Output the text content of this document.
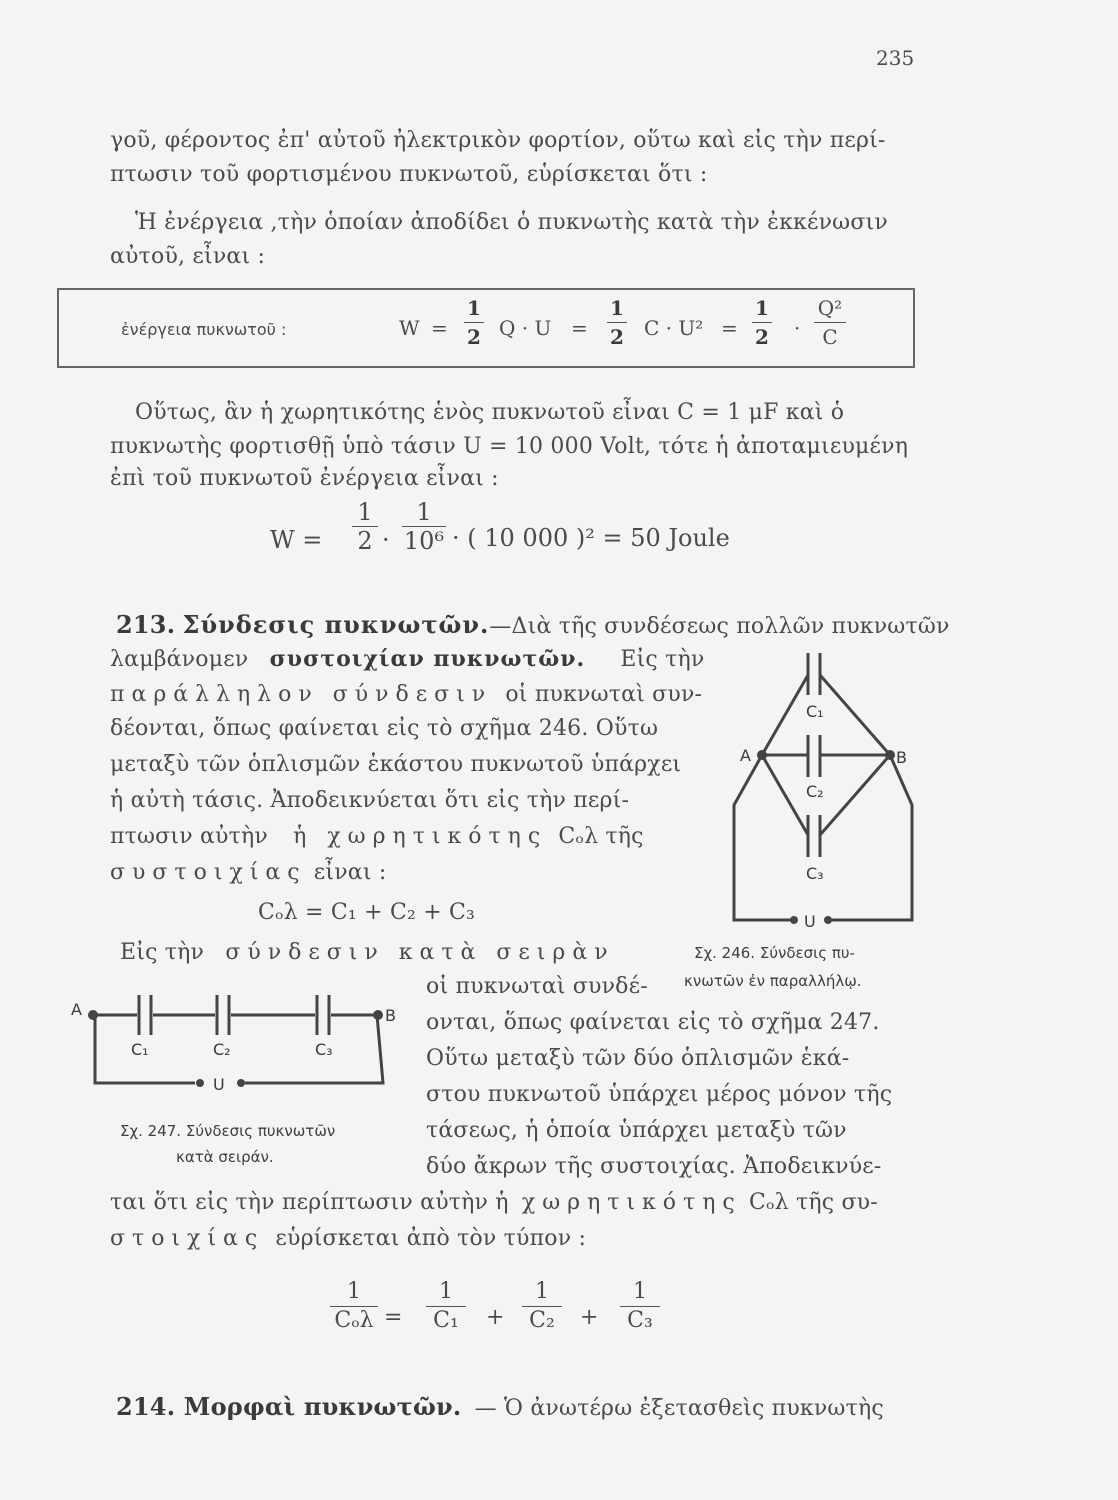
235
γοῦ, φέροντος ἐπ' αὐτοῦ ἠλεκτρικὸν φορτίον, οὕτω καὶ εἰς τὴν περί-
πτωσιν τοῦ φορτισμένου πυκνωτοῦ, εὑρίσκεται ὅτι :
Ἡ ἐνέργεια ,τὴν ὁποίαν ἀποδίδει ὁ πυκνωτὴς κατὰ τὴν ἐκκένωσιν
αὐτοῦ, εἶναι :
ἐνέργεια πυκνωτοῦ :	W =
1
2 Q · U =
1
2 C · U² =
1
2 ·
Q²
C
Οὕτως, ἂν ἡ χωρητικότης ἑνὸς πυκνωτοῦ εἶναι C = 1 μF καὶ ὁ
πυκνωτὴς φορτισθῇ ὑπὸ τάσιν U = 10 000 Volt, τότε ἡ ἀποταμιευμένη
ἐπὶ τοῦ πυκνωτοῦ ἐνέργεια εἶναι :
W =
1
2 ·
1
10⁶ · ( 10 000 )² = 50 Joule
213. Σύνδεσις πυκνωτῶν.—Διὰ τῆς συνδέσεως πολλῶν πυκνωτῶν
λαμβάνομεν συστοιχίαν πυκνωτῶν. Εἰς τὴν
παράλληλον σύνδεσιν οἱ πυκνωταὶ συν-
δέονται, ὅπως φαίνεται εἰς τὸ σχῆμα 246. Οὕτω
μεταξὺ τῶν ὁπλισμῶν ἑκάστου πυκνωτοῦ ὑπάρχει
ἡ αὐτὴ τάσις. Ἀποδεικνύεται ὅτι εἰς τὴν περί-
πτωσιν αὐτὴν ἡ χωρητικότης Cₒλ τῆς
συστοιχίας εἶναι :
Cₒλ = C₁ + C₂ + C₃
Εἰς τὴν σύνδεσιν κατὰ σειρὰν
οἱ πυκνωταὶ συνδέ-
ονται, ὅπως φαίνεται εἰς τὸ σχῆμα 247.
Οὕτω μεταξὺ τῶν δύο ὁπλισμῶν ἑκά-
στου πυκνωτοῦ ὑπάρχει μέρος μόνον τῆς
τάσεως, ἡ ὁποία ὑπάρχει μεταξὺ τῶν
δύο ἄκρων τῆς συστοιχίας. Ἀποδεικνύε-
ται ὅτι εἰς τὴν περίπτωσιν αὐτὴν ἡ χωρητικότης Cₒλ τῆς συ-
στοιχίας εὑρίσκεται ἀπὸ τὸν τύπον :
A	B
C₁
C₂
C₃
U
Σχ. 246. Σύνδεσις πυ-
κνωτῶν ἐν παραλλήλῳ.
A	B
C₁	C₂	C₃
U
Σχ. 247. Σύνδεσις πυκνωτῶν
κατὰ σειράν.
1
Cₒλ =
1
C₁	+
1
C₂	+
1
C₃
214. Μορφαὶ πυκνωτῶν. — Ὁ ἀνωτέρω ἐξετασθεὶς πυκνωτὴς
